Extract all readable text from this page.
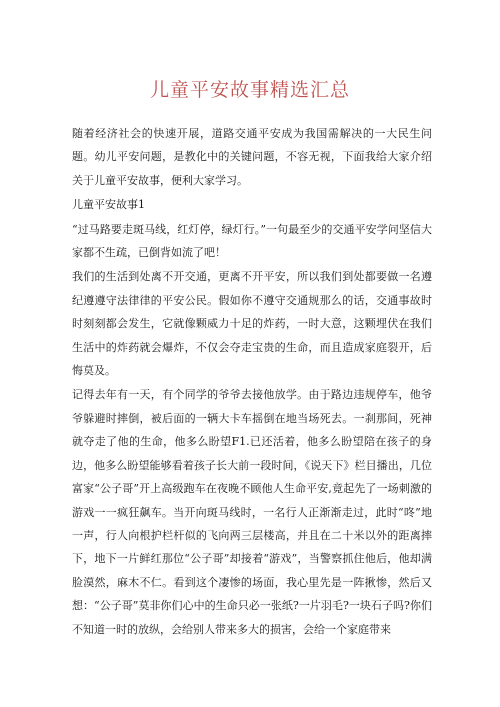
儿童平安故事精选汇总

随着经济社会的快速开展，道路交通平安成为我国需解决的一大民生问题。幼儿平安问题，是教化中的关键问题，不容无视，下面我给大家介绍关于儿童平安故事，便利大家学习。

儿童平安故事1

“过马路要走斑马线，红灯停，绿灯行。”一句最至少的交通平安学问坚信大家都不生疏，已倒背如流了吧！

我们的生活到处离不开交通，更离不开平安，所以我们到处都要做一名遵纪遵遵守法律律的平安公民。假如你不遵守交通规那么的话，交通事故时时刻刻都会发生，它就像颗威力十足的炸药，一时大意，这颗埋伏在我们生活中的炸药就会爆炸，不仅会夺走宝贵的生命，而且造成家庭裂开，后悔莫及。

记得去年有一天，有个同学的爷爷去接他放学。由于路边违规停车，他爷爷躲避时摔倒，被后面的一辆大卡车摇倒在地当场死去。一刹那间，死神就夺走了他的生命，他多么盼望F1.已还活着，他多么盼望陪在孩子的身边，他多么盼望能够看着孩子长大前一段时间，《说天下》栏目播出，几位富家“公子哥”开上高级跑车在夜晚不顾他人生命平安,竟起先了一场刺激的游戏一一疯狂飙车。当开向斑马线时，一名行人正渐渐走过，此时“咚”地一声，行人向根护栏杆似的飞向两三层楼高，并且在二十米以外的距离摔下，地下一片鲜红那位“公子哥”却接着“游戏”，当警察抓住他后，他却满脸漠然，麻木不仁。看到这个凄惨的场面，我心里先是一阵揪惨，然后又想：“公子哥”莫非你们心中的生命只必一张纸?一片羽毛?一块石子吗?你们不知道一时的放纵，会给别人带来多大的损害，会给一个家庭带来
